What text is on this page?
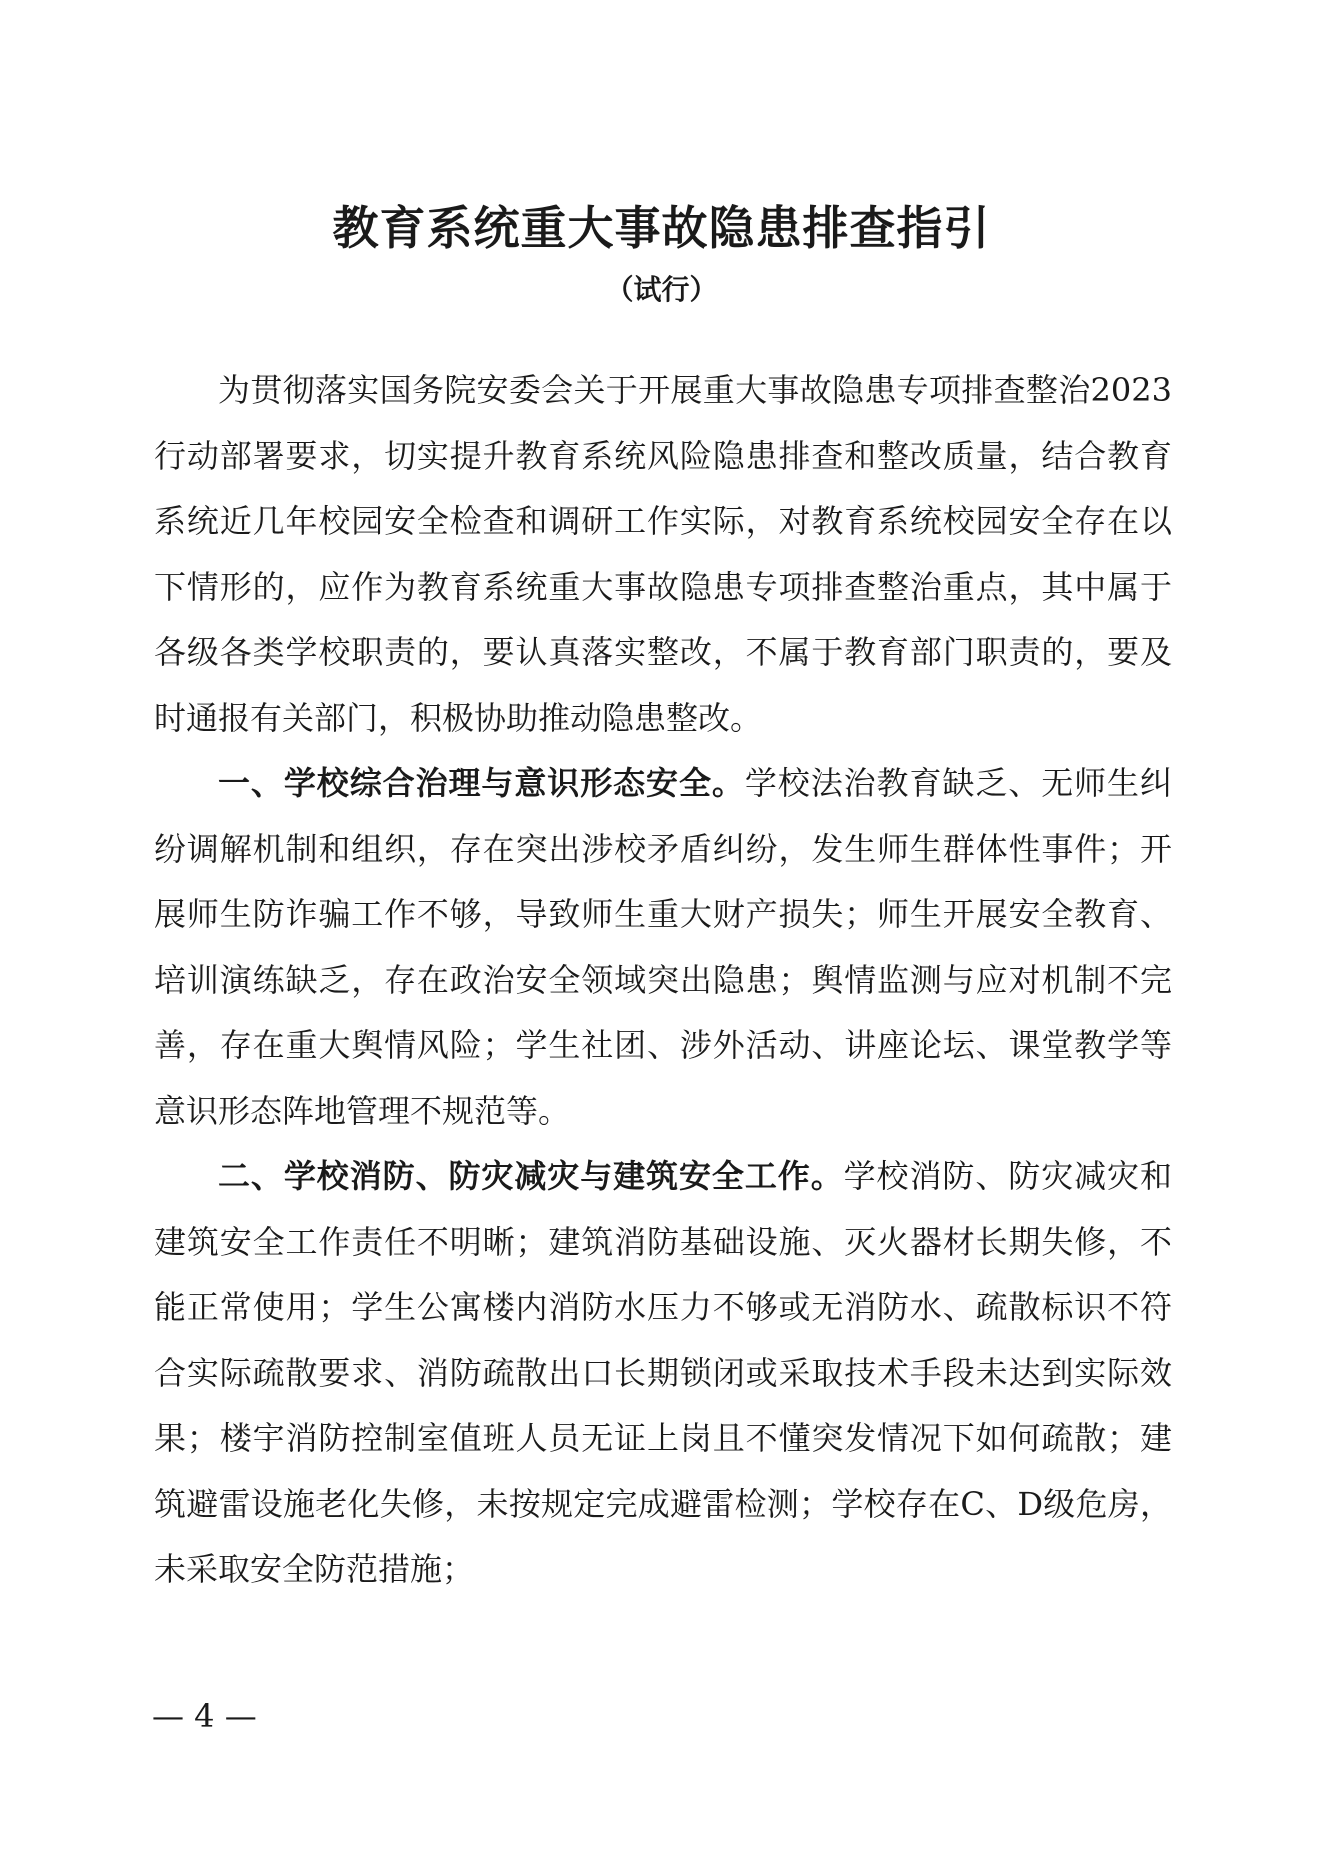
教育系统重大事故隐患排查指引
（试行）

为贯彻落实国务院安委会关于开展重大事故隐患专项排查整治2023行动部署要求，切实提升教育系统风险隐患排查和整改质量，结合教育系统近几年校园安全检查和调研工作实际，对教育系统校园安全存在以下情形的，应作为教育系统重大事故隐患专项排查整治重点，其中属于各级各类学校职责的，要认真落实整改，不属于教育部门职责的，要及时通报有关部门，积极协助推动隐患整改。

一、学校综合治理与意识形态安全。学校法治教育缺乏、无师生纠纷调解机制和组织，存在突出涉校矛盾纠纷，发生师生群体性事件；开展师生防诈骗工作不够，导致师生重大财产损失；师生开展安全教育、培训演练缺乏，存在政治安全领域突出隐患；舆情监测与应对机制不完善，存在重大舆情风险；学生社团、涉外活动、讲座论坛、课堂教学等意识形态阵地管理不规范等。

二、学校消防、防灾减灾与建筑安全工作。学校消防、防灾减灾和建筑安全工作责任不明晰；建筑消防基础设施、灭火器材长期失修，不能正常使用；学生公寓楼内消防水压力不够或无消防水、疏散标识不符合实际疏散要求、消防疏散出口长期锁闭或采取技术手段未达到实际效果；楼宇消防控制室值班人员无证上岗且不懂突发情况下如何疏散；建筑避雷设施老化失修，未按规定完成避雷检测；学校存在C、D级危房，未采取安全防范措施；

— 4 —
